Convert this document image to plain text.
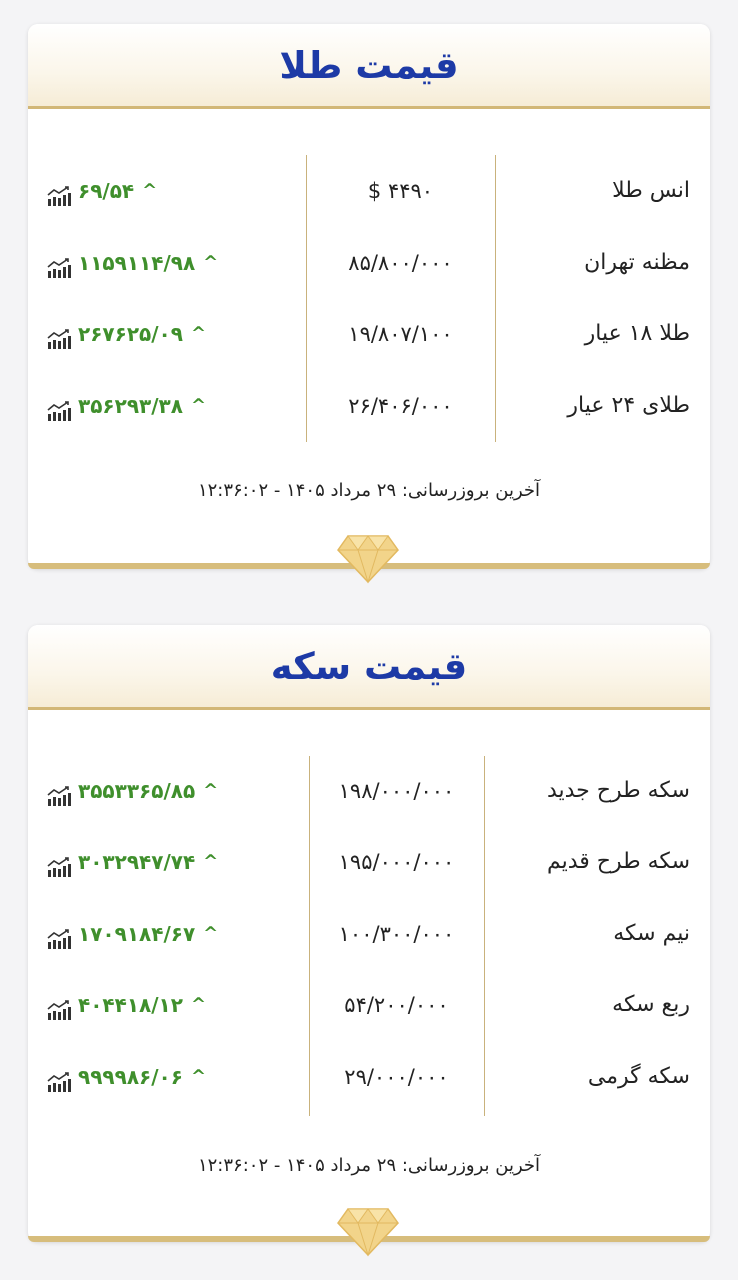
قیمت طلا
انس طلا
$ ۴۴۹۰
۶۹/۵۴ ^
مظنه تهران
۸۵/۸۰۰/۰۰۰
۱۱۵۹۱۱۴/۹۸ ^
طلا ۱۸ عیار
۱۹/۸۰۷/۱۰۰
۲۶۷۶۲۵/۰۹ ^
طلای ۲۴ عیار
۲۶/۴۰۶/۰۰۰
۳۵۶۲۹۳/۳۸ ^
آخرین بروزرسانی: ۲۹ مرداد ۱۴۰۵ - ۱۲:۳۶:۰۲
قیمت سکه
سکه طرح جدید
۱۹۸/۰۰۰/۰۰۰
۳۵۵۳۳۶۵/۸۵ ^
سکه طرح قدیم
۱۹۵/۰۰۰/۰۰۰
۳۰۳۲۹۴۷/۷۴ ^
نیم سکه
۱۰۰/۳۰۰/۰۰۰
۱۷۰۹۱۸۴/۶۷ ^
ربع سکه
۵۴/۲۰۰/۰۰۰
۴۰۴۴۱۸/۱۲ ^
سکه گرمی
۲۹/۰۰۰/۰۰۰
۹۹۹۹۸۶/۰۶ ^
آخرین بروزرسانی: ۲۹ مرداد ۱۴۰۵ - ۱۲:۳۶:۰۲
